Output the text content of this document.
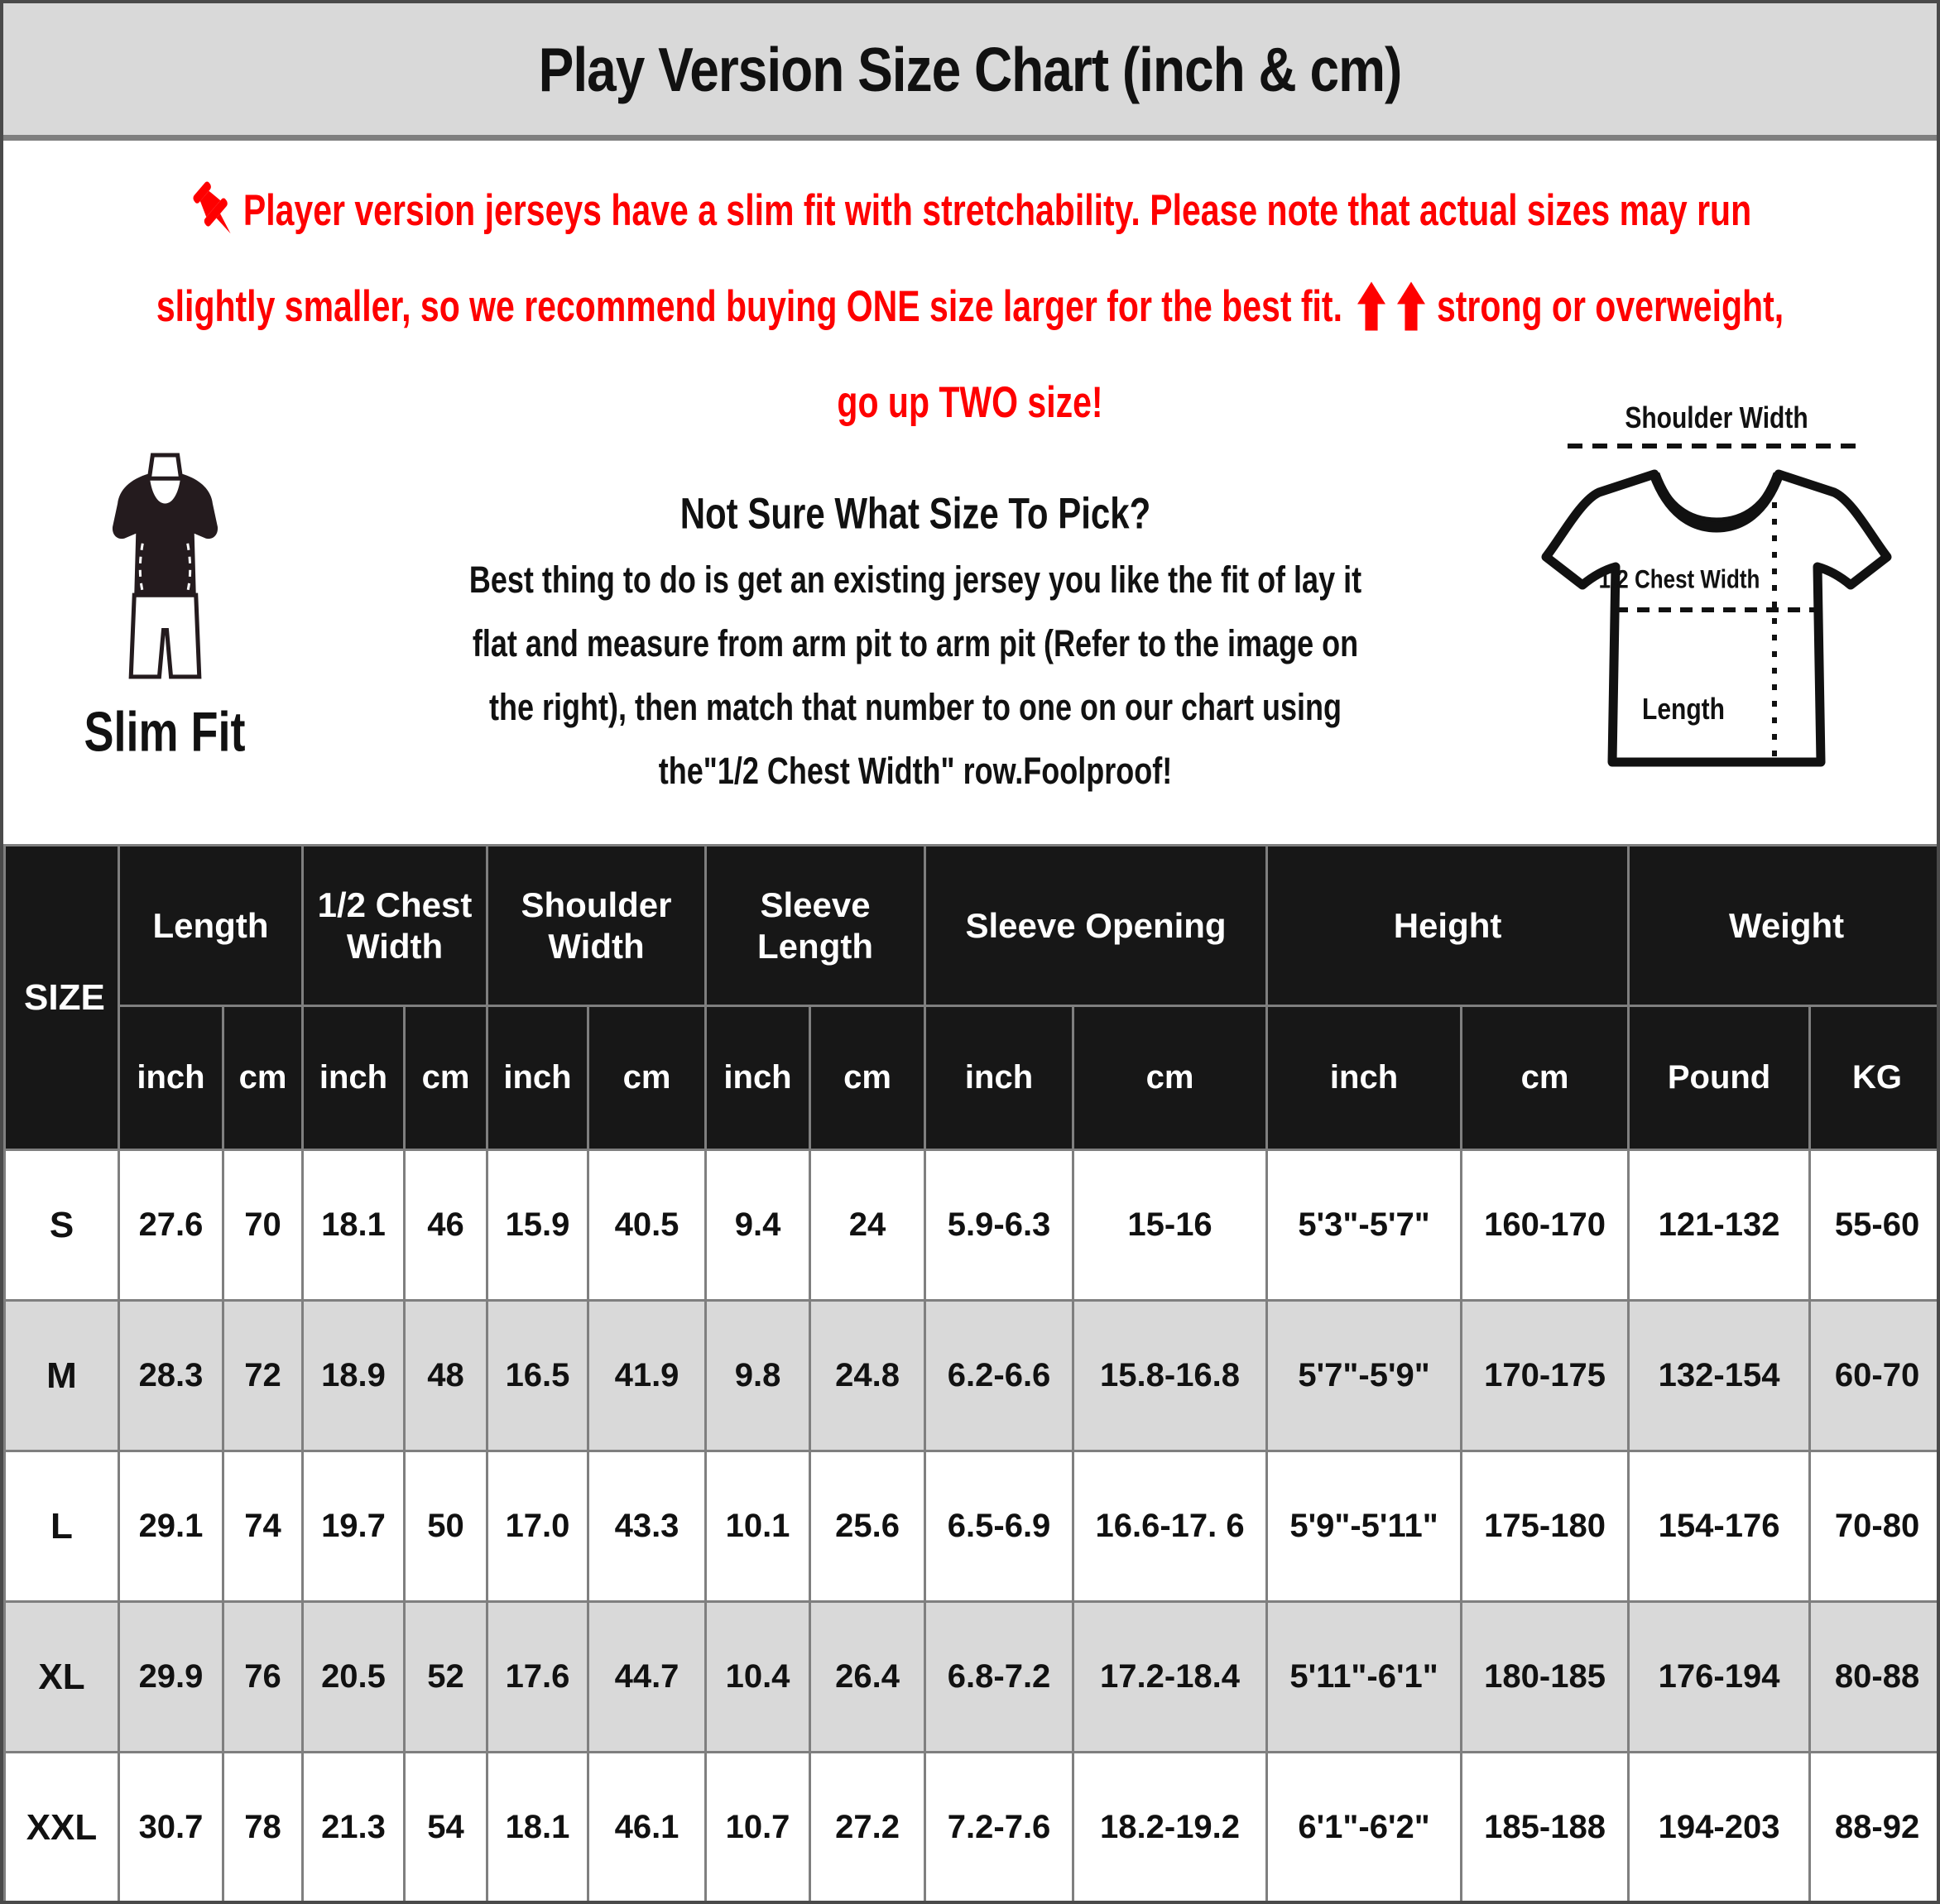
Play Version Size Chart (inch & cm)
Player version jerseys have a slim fit with stretchability. Please note that actual sizes may run
slightly smaller, so we recommend buying ONE size larger for the best fit.	strong or overweight,
go up TWO size!
Slim Fit
Not Sure What Size To Pick?
Best thing to do is get an existing jersey you like the fit of lay it
flat and measure from arm pit to arm pit (Refer to the image on
the right), then match that number to one on our chart using
the"1/2 Chest Width" row.Foolproof!
Shoulder Width
1/2 Chest Width
Length
SIZE	Length		1/2 Chest Width		Shoulder Width		Sleeve Length		Sleeve Opening		Height		Weight	
	inch	cm	inch	cm	inch	cm	inch	cm	inch	cm	inch	cm	Pound	KG
S	27.6	70	18.1	46	15.9	40.5	9.4	24	5.9-6.3	15-16	5'3"-5'7"	160-170	121-132	55-60
M	28.3	72	18.9	48	16.5	41.9	9.8	24.8	6.2-6.6	15.8-16.8	5'7"-5'9"	170-175	132-154	60-70
L	29.1	74	19.7	50	17.0	43.3	10.1	25.6	6.5-6.9	16.6-17. 6	5'9"-5'11"	175-180	154-176	70-80
XL	29.9	76	20.5	52	17.6	44.7	10.4	26.4	6.8-7.2	17.2-18.4	5'11"-6'1"	180-185	176-194	80-88
XXL	30.7	78	21.3	54	18.1	46.1	10.7	27.2	7.2-7.6	18.2-19.2	6'1"-6'2"	185-188	194-203	88-92
